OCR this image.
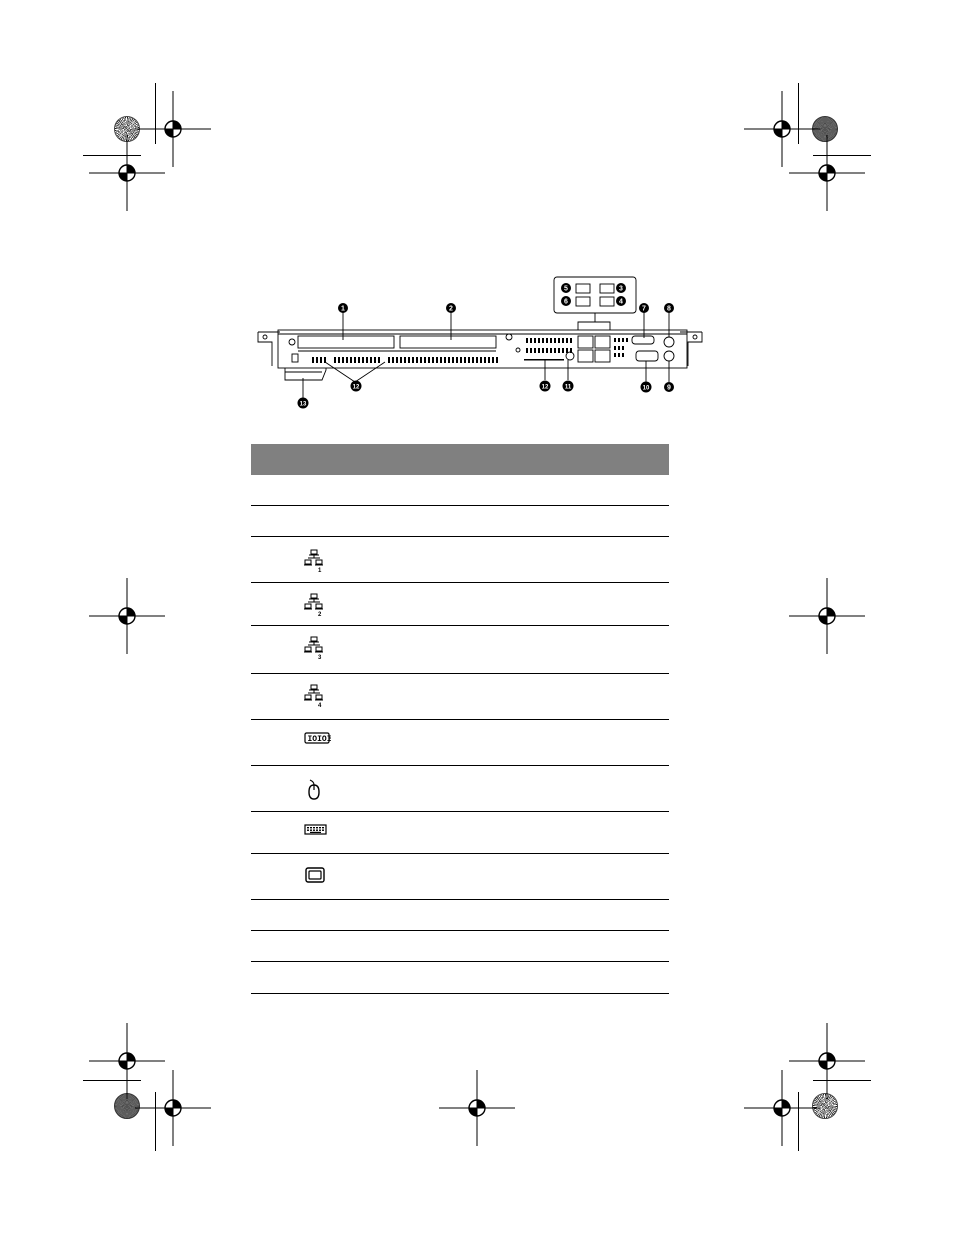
1	2
3
4
5
6
7	8
9
10
11
12
12
13
1
2
3
4
IOIOI
